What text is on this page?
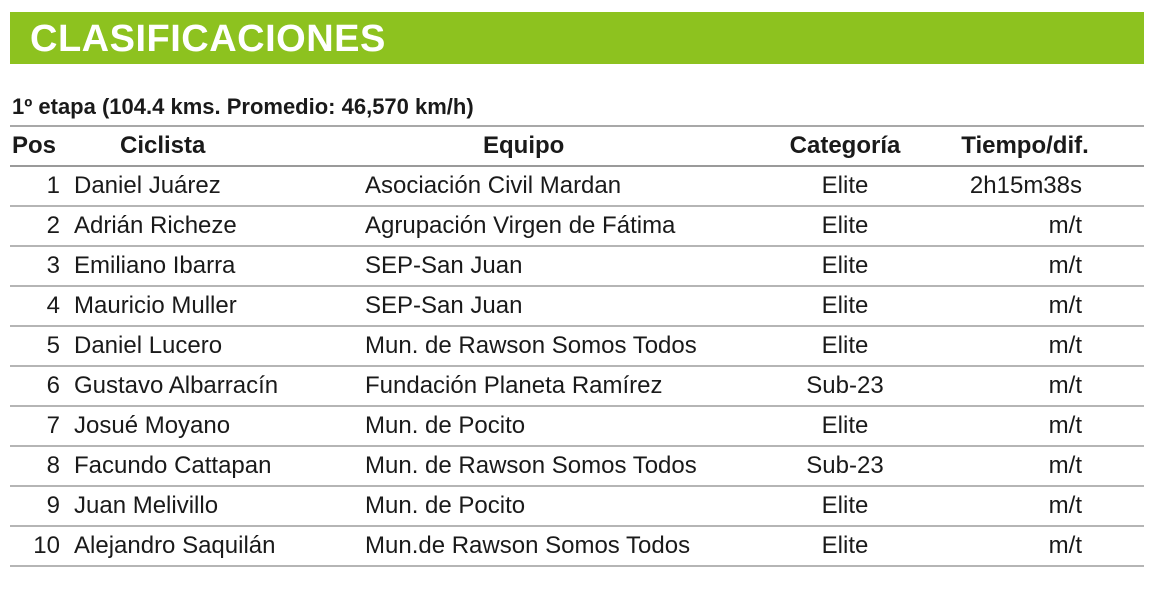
CLASIFICACIONES
1º etapa (104.4 kms. Promedio: 46,570 km/h)
Pos	Ciclista	Equipo	Categoría	Tiempo/dif.
1 Daniel Juárez	Asociación Civil Mardan	Elite	2h15m38s
2 Adrián Richeze	Agrupación Virgen de Fátima	Elite	m/t
3 Emiliano Ibarra	SEP-San Juan	Elite	m/t
4 Mauricio Muller	SEP-San Juan	Elite	m/t
5 Daniel Lucero	Mun. de Rawson Somos Todos	Elite	m/t
6 Gustavo Albarracín	Fundación Planeta Ramírez	Sub-23	m/t
7 Josué Moyano	Mun. de Pocito	Elite	m/t
8 Facundo Cattapan	Mun. de Rawson Somos Todos	Sub-23	m/t
9 Juan Melivillo	Mun. de Pocito	Elite	m/t
10 Alejandro Saquilán	Mun.de Rawson Somos Todos	Elite	m/t
